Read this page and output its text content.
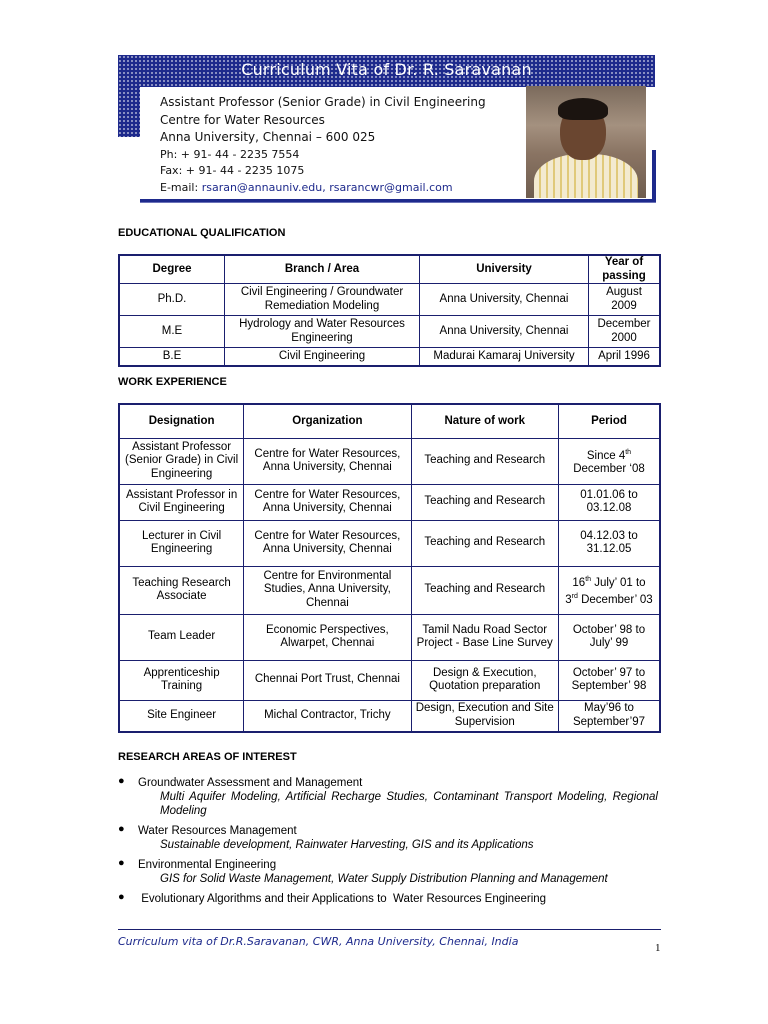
Curriculum Vita of Dr. R. Saravanan
Assistant Professor (Senior Grade) in Civil Engineering
Centre for Water Resources
Anna University, Chennai – 600 025
Ph: + 91- 44 - 2235 7554
Fax: + 91- 44 - 2235 1075
E-mail: rsaran@annauniv.edu, rsarancwr@gmail.com
EDUCATIONAL QUALIFICATION
Degree	Branch / Area	University	Year of passing
Ph.D.	Civil Engineering / Groundwater Remediation Modeling	Anna University, Chennai	August 2009
M.E	Hydrology and Water Resources Engineering	Anna University, Chennai	December 2000
B.E	Civil Engineering	Madurai Kamaraj University	April 1996
WORK EXPERIENCE
Designation	Organization	Nature of work	Period
Assistant Professor (Senior Grade) in Civil Engineering	Centre for Water Resources, Anna University, Chennai	Teaching and Research	Since 4th
December ‘08
Assistant Professor in Civil Engineering	Centre for Water Resources, Anna University, Chennai	Teaching and Research	01.01.06 to 03.12.08
Lecturer in Civil Engineering	Centre for Water Resources, Anna University, Chennai	Teaching and Research	04.12.03 to 31.12.05
Teaching Research Associate	Centre for Environmental Studies, Anna University, Chennai	Teaching and Research	16th July’ 01 to
3rd December’ 03
Team Leader	Economic Perspectives, Alwarpet, Chennai	Tamil Nadu Road Sector Project - Base Line Survey	October’ 98 to July’ 99
Apprenticeship Training	Chennai Port Trust, Chennai	Design & Execution, Quotation preparation	October’ 97 to September’ 98
Site Engineer	Michal Contractor, Trichy	Design, Execution and Site Supervision	May’96 to September’97
RESEARCH AREAS OF INTEREST
● Groundwater Assessment and Management
Multi Aquifer Modeling, Artificial Recharge Studies, Contaminant Transport Modeling, Regional Modeling
● Water Resources Management
Sustainable development, Rainwater Harvesting, GIS and its Applications
● Environmental Engineering
GIS for Solid Waste Management, Water Supply Distribution Planning and Management
● Evolutionary Algorithms and their Applications to  Water Resources Engineering
Curriculum vita of Dr.R.Saravanan, CWR, Anna University, Chennai, India	1
